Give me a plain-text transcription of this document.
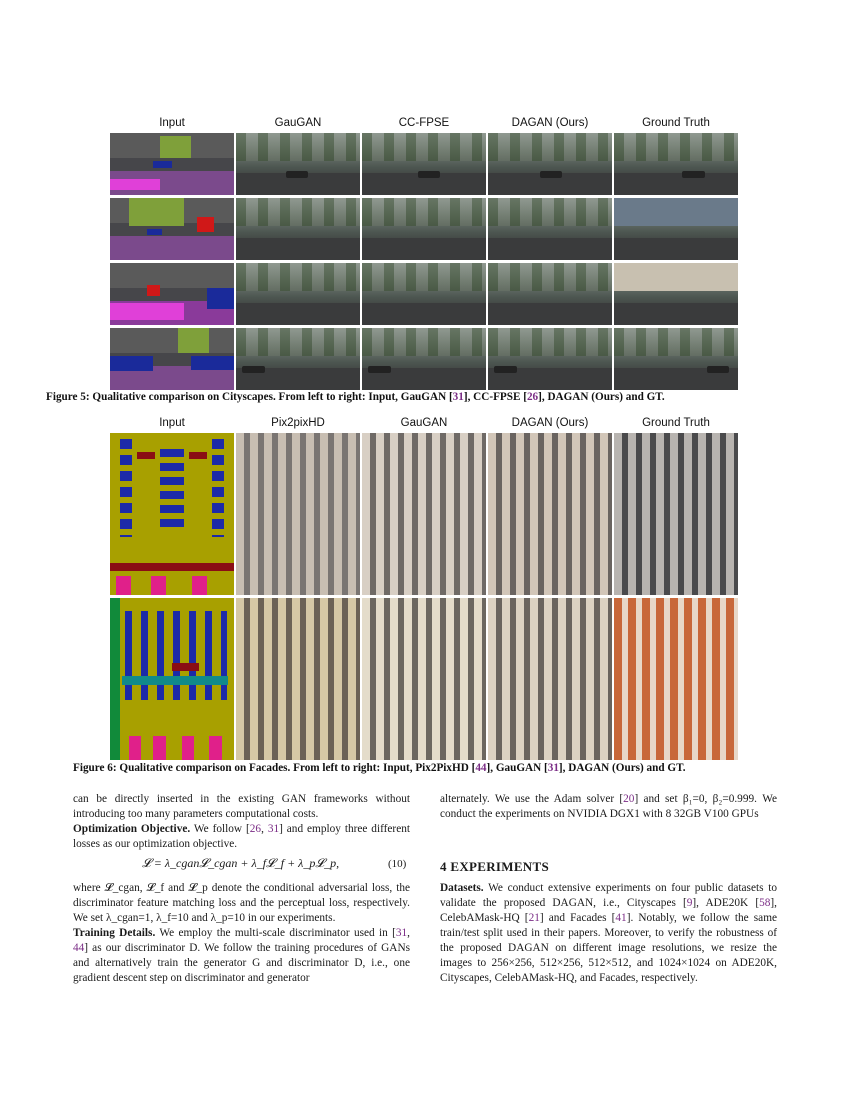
Input	GauGAN	CC-FPSE	DAGAN (Ours)	Ground Truth
Figure 5: Qualitative comparison on Cityscapes. From left to right: Input, GauGAN [31], CC-FPSE [26], DAGAN (Ours) and GT.
Input	Pix2pixHD	GauGAN	DAGAN (Ours)	Ground Truth
Figure 6: Qualitative comparison on Facades. From left to right: Input, Pix2PixHD [44], GauGAN [31], DAGAN (Ours) and GT.

can be directly inserted in the existing GAN frameworks without introducing too many parameters computational costs.

Optimization Objective. We follow [26, 31] and employ three different losses as our optimization objective.

𝓛 = λ_cgan𝓛_cgan + λ_f𝓛_f + λ_p𝓛_p,	(10)

where 𝓛_cgan, 𝓛_f and 𝓛_p denote the conditional adversarial loss, the discriminator feature matching loss and the perceptual loss, respectively. We set λ_cgan=1, λ_f=10 and λ_p=10 in our experiments.

Training Details. We employ the multi-scale discriminator used in [31, 44] as our discriminator D. We follow the training procedures of GANs and alternatively train the generator G and discriminator D, i.e., one gradient descent step on discriminator and generator

alternately. We use the Adam solver [20] and set β₁=0, β₂=0.999. We conduct the experiments on NVIDIA DGX1 with 8 32GB V100 GPUs

4 EXPERIMENTS

Datasets. We conduct extensive experiments on four public datasets to validate the proposed DAGAN, i.e., Cityscapes [9], ADE20K [58], CelebAMask-HQ [21] and Facades [41]. Notably, we follow the same train/test split used in their papers. Moreover, to verify the robustness of the proposed DAGAN on different image resolutions, we resize the images to 256×256, 512×256, 512×512, and 1024×1024 on ADE20K, Cityscapes, CelebAMask-HQ, and Facades, respectively.
